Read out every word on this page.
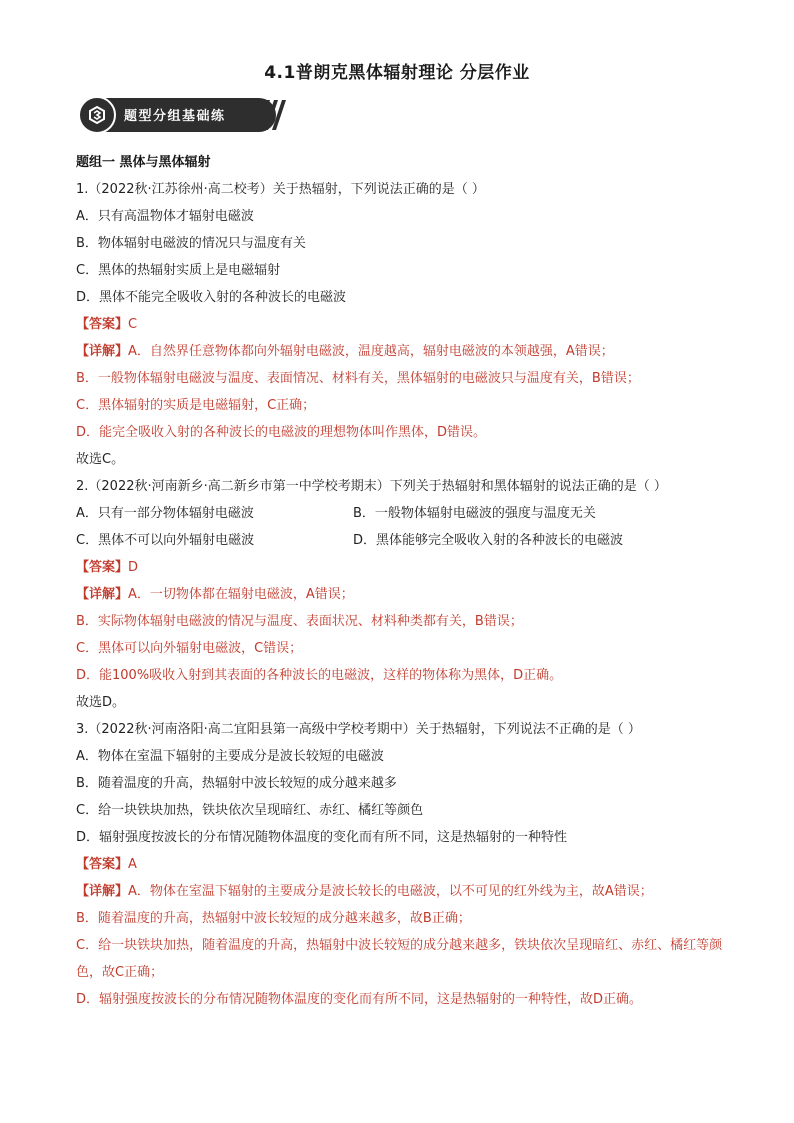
4.1普朗克黑体辐射理论 分层作业
题型分组基础练
题组一 黑体与黑体辐射
1.（2022秋·江苏徐州·高二校考）关于热辐射，下列说法正确的是（ ）
A．只有高温物体才辐射电磁波
B．物体辐射电磁波的情况只与温度有关
C．黑体的热辐射实质上是电磁辐射
D．黑体不能完全吸收入射的各种波长的电磁波
【答案】C
【详解】A．自然界任意物体都向外辐射电磁波，温度越高，辐射电磁波的本领越强，A错误；
B．一般物体辐射电磁波与温度、表面情况、材料有关，黑体辐射的电磁波只与温度有关，B错误；
C．黑体辐射的实质是电磁辐射，C正确；
D．能完全吸收入射的各种波长的电磁波的理想物体叫作黑体，D错误。
故选C。
2.（2022秋·河南新乡·高二新乡市第一中学校考期末）下列关于热辐射和黑体辐射的说法正确的是（ ）
A．只有一部分物体辐射电磁波	B．一般物体辐射电磁波的强度与温度无关
C．黑体不可以向外辐射电磁波	D．黑体能够完全吸收入射的各种波长的电磁波
【答案】D
【详解】A．一切物体都在辐射电磁波，A错误；
B．实际物体辐射电磁波的情况与温度、表面状况、材料种类都有关，B错误；
C．黑体可以向外辐射电磁波，C错误；
D．能100%吸收入射到其表面的各种波长的电磁波，这样的物体称为黑体，D正确。
故选D。
3.（2022秋·河南洛阳·高二宜阳县第一高级中学校考期中）关于热辐射，下列说法不正确的是（ ）
A．物体在室温下辐射的主要成分是波长较短的电磁波
B．随着温度的升高，热辐射中波长较短的成分越来越多
C．给一块铁块加热，铁块依次呈现暗红、赤红、橘红等颜色
D．辐射强度按波长的分布情况随物体温度的变化而有所不同，这是热辐射的一种特性
【答案】A
【详解】A．物体在室温下辐射的主要成分是波长较长的电磁波，以不可见的红外线为主，故A错误；
B．随着温度的升高，热辐射中波长较短的成分越来越多，故B正确；
C．给一块铁块加热，随着温度的升高，热辐射中波长较短的成分越来越多，铁块依次呈现暗红、赤红、橘红等颜色，故C正确；
D．辐射强度按波长的分布情况随物体温度的变化而有所不同，这是热辐射的一种特性，故D正确。
